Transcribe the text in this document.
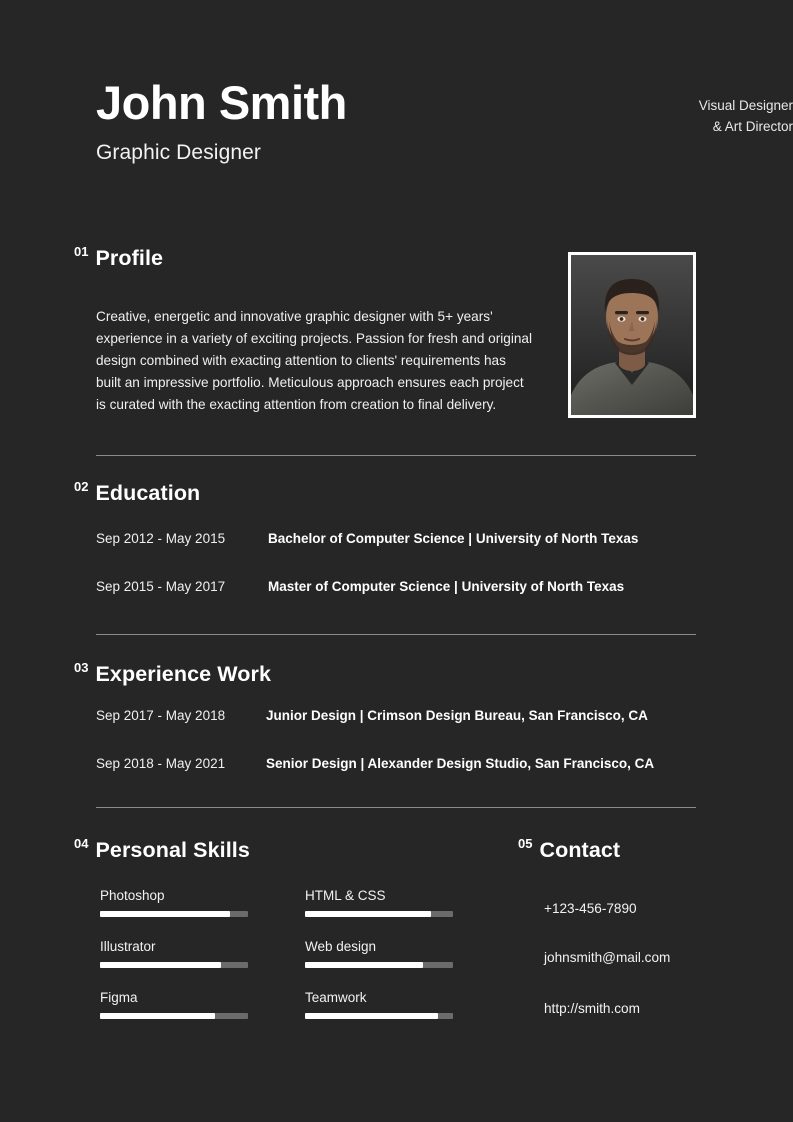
John Smith
Graphic Designer
Visual Designer
& Art Director
01 Profile

Creative, energetic and innovative graphic designer with 5+ years' experience in a variety of exciting projects. Passion for fresh and original design combined with exacting attention to clients' requirements has built an impressive portfolio. Meticulous approach ensures each project is curated with the exacting attention from creation to final delivery.

02 Education
Sep 2012 - May 2015	Bachelor of Computer Science | University of North Texas
Sep 2015 - May 2017	Master of Computer Science | University of North Texas
03 Experience Work
Sep 2017 - May 2018	Junior Design | Crimson Design Bureau, San Francisco, CA
Sep 2018 - May 2021	Senior Design | Alexander Design Studio, San Francisco, CA
04 Personal Skills
Photoshop
Illustrator
Figma
HTML & CSS
Web design
Teamwork
05 Contact
+123-456-7890
johnsmith@mail.com
http://smith.com
